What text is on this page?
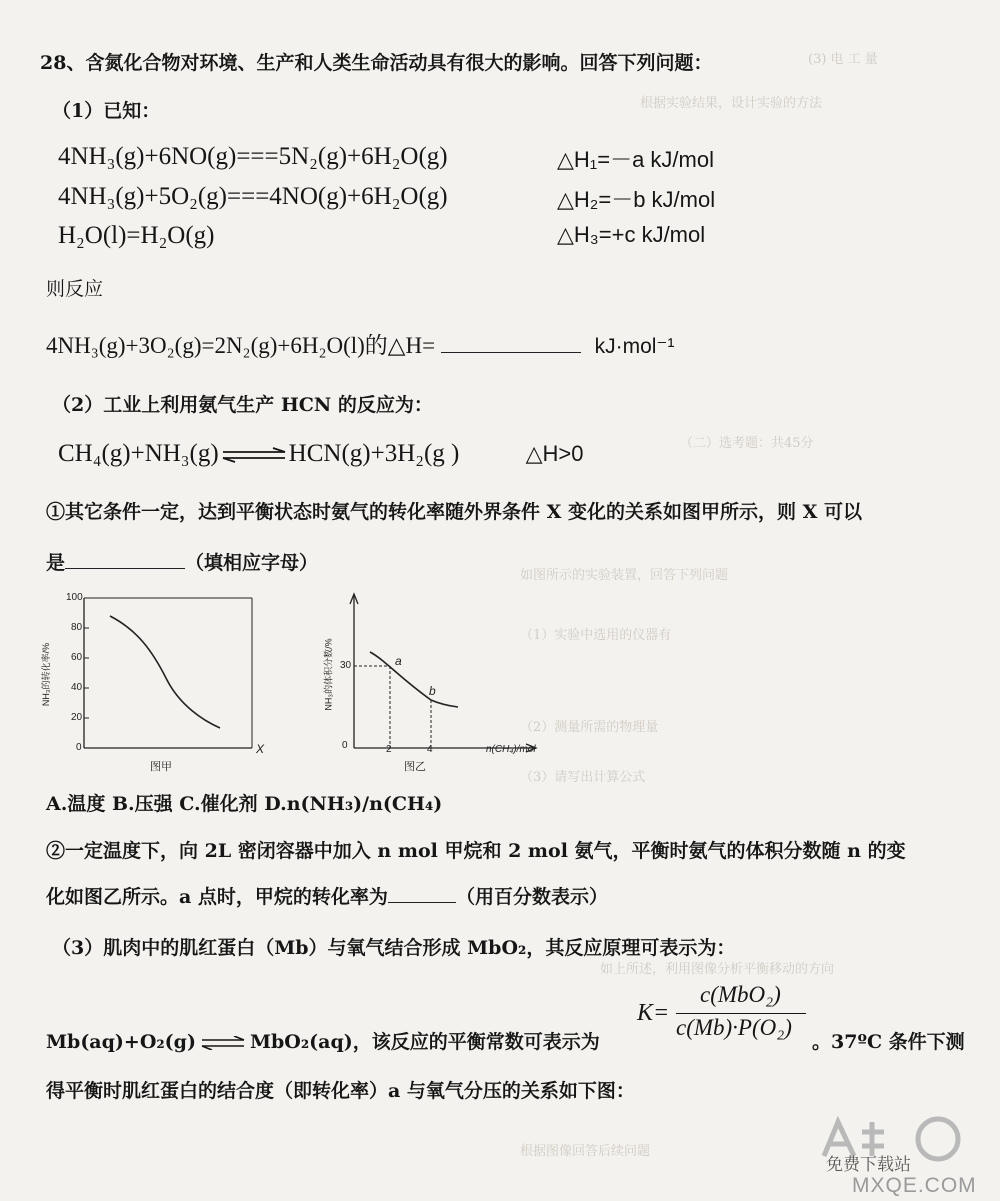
(3) 电 工 量
根据实验结果，设计实验的方法
（二）选考题：共45分
如图所示的实验装置，回答下列问题
（1）实验中选用的仪器有
（2）测量所需的物理量
（3）请写出计算公式
如上所述，利用图像分析平衡移动的方向
根据图像回答后续问题
28、含氮化合物对环境、生产和人类生命活动具有很大的影响。回答下列问题：
（1）已知：
4NH₃(g)+6NO(g)===5N₂(g)+6H₂O(g)	△H₁=－a kJ/mol
4NH₃(g)+5O₂(g)===4NO(g)+6H₂O(g)	△H₂=－b kJ/mol
H₂O(l)=H₂O(g)	△H₃=+c kJ/mol
则反应
4NH₃(g)+3O₂(g)=2N₂(g)+6H₂O(l)的△H=	kJ·mol⁻¹
（2）工业上利用氨气生产 HCN 的反应为：
CH₄(g)+NH₃(g) ⇌ HCN(g)+3H₂(g )	△H>0
①其它条件一定，达到平衡状态时氨气的转化率随外界条件 X 变化的关系如图甲所示，则 X 可以
是	（填相应字母）
100
80
60
40
20
0
NH₃的转化率/%
X
图甲
30
0	2	4	n(CH₄)/mol
NH₃的体积分数/%	a
b
图乙
A.温度 B.压强 C.催化剂 D.n(NH₃)/n(CH₄)
②一定温度下，向 2L 密闭容器中加入 n mol 甲烷和 2 mol 氨气，平衡时氨气的体积分数随 n 的变
化如图乙所示。a 点时，甲烷的转化率为	（用百分数表示）
（3）肌肉中的肌红蛋白（Mb）与氧气结合形成 MbO₂，其反应原理可表示为：
Mb(aq)+O₂(g) ⇌ MbO₂(aq)，该反应的平衡常数可表示为
K=
c(MbO₂)
c(Mb)·P(O₂)
。37ºC 条件下测
得平衡时肌红蛋白的结合度（即转化率）a 与氧气分压的关系如下图：
免费下载站
MXQE.COM
